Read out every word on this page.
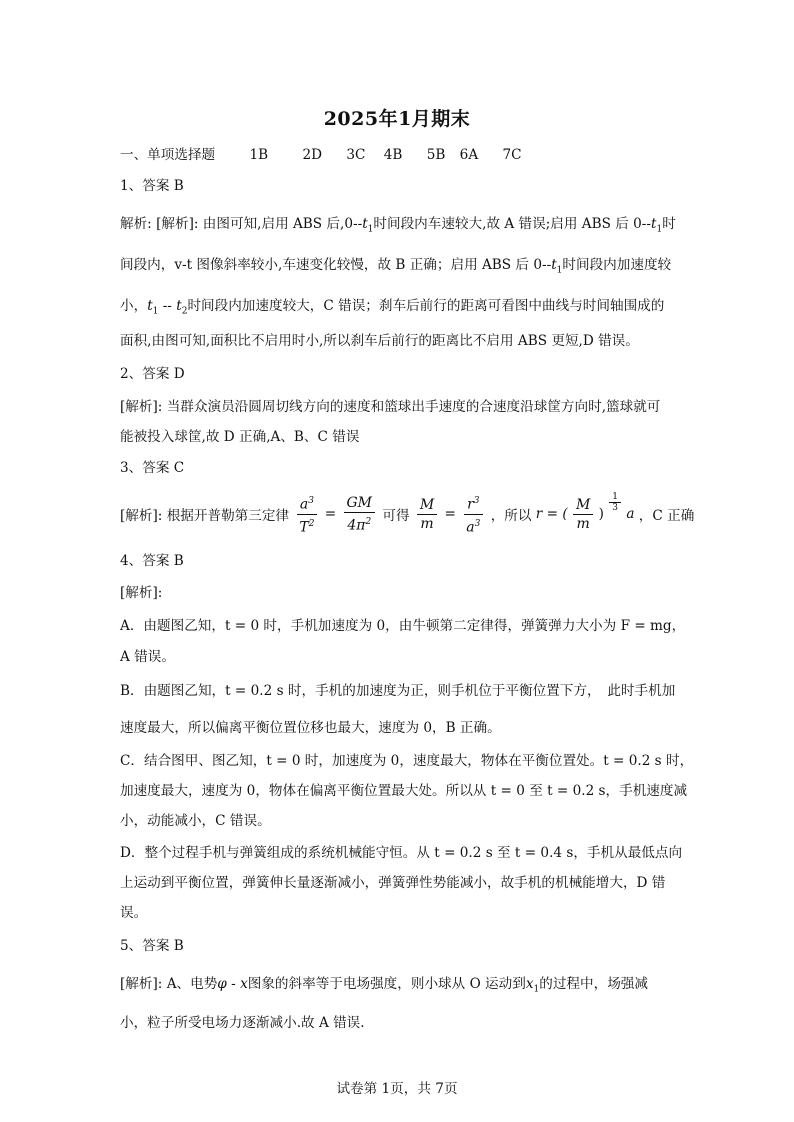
2025年1月期末
一、单项选择题	1B	2D 3C 4B 5B 6A 7C
1、答案 B
解析: [解析]: 由图可知,启用 ABS 后$,0--t_1$时间段内车速较大,故 A 错误;启用 ABS 后 $0--t_1$时
间段内，v-t 图像斜率较小,车速变化较慢，故 B 正确；启用 ABS 后 $0--t_1$时间段内加速度较
小，$t_1 -- t_2$时间段内加速度较大，C 错误；刹车后前行的距离可看图中曲线与时间轴围成的
面积,由图可知,面积比不启用时小,所以刹车后前行的距离比不启用 ABS 更短,D 错误。
2、答案 D
[解析]: 当群众演员沿圆周切线方向的速度和篮球出手速度的合速度沿球筐方向时,篮球就可
能被投入球筐,故 D 正确,A、B、C 错误
3、答案 C
[解析]: 根据开普勒第三定律 $\frac{a^3}{T^2} = \frac{GM}{4\pi^2}$ 可得 $\frac{M}{m} = \frac{r^3}{a^3}$ ，所以 r = ( $\frac{M}{m}$ )
$\frac{1}{3}$
a ，C 正确
4、答案 B
[解析]:
A．由题图乙知，t = 0 时，手机加速度为 0，由牛顿第二定律得，弹簧弹力大小为 F = mg，
A 错误。
B．由题图乙知，t = 0.2 s 时，手机的加速度为正，则手机位于平衡位置下方，　此时手机加
速度最大，所以偏离平衡位置位移也最大，速度为 0，B 正确。
C．结合图甲、图乙知，t = 0 时，加速度为 0，速度最大，物体在平衡位置处。t = 0.2 s 时，
加速度最大，速度为 0，物体在偏离平衡位置最大处。所以从 t = 0 至 t = 0.2 s，手机速度减
小，动能减小，C 错误。
D．整个过程手机与弹簧组成的系统机械能守恒。从 t = 0.2 s 至 t = 0.4 s，手机从最低点向
上运动到平衡位置，弹簧伸长量逐渐减小，弹簧弹性势能减小，故手机的机械能增大，D 错
误。
5、答案 B
[解析]: A、电势φ - x图象的斜率等于电场强度，则小球从 O 运动到$x_1$的过程中，场强减
小，粒子所受电场力逐渐减小.故 A 错误.
试卷第 1页，共 7页
